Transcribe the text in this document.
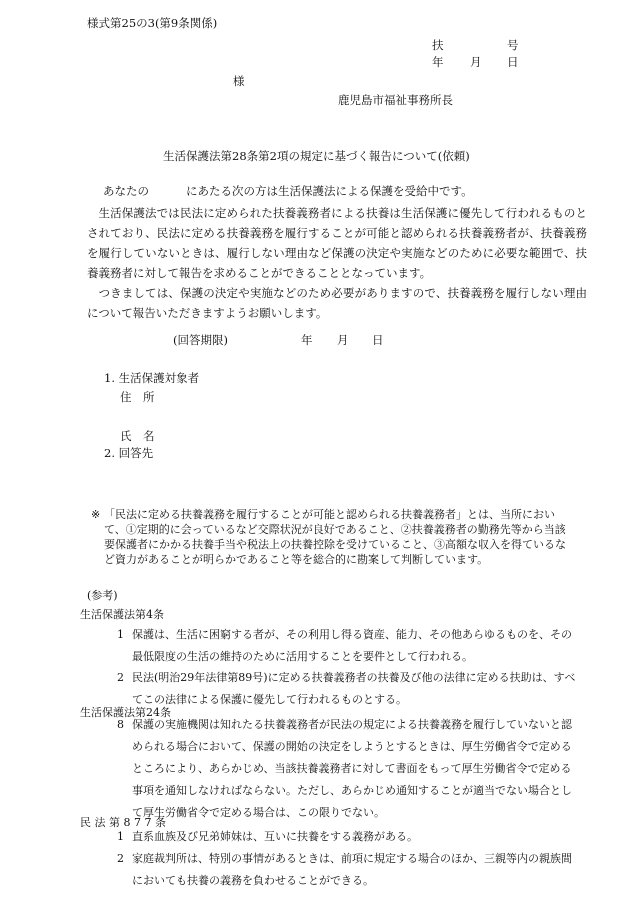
様式第25の3(第9条関係)
扶	号
年 月 日
様
鹿児島市福祉事務所長
生活保護法第28条第2項の規定に基づく報告について(依頼)
あなたの	にあたる次の方は生活保護法による保護を受給中です。
生活保護法では民法に定められた扶養義務者による扶養は生活保護に優先して行われるものとされており、民法に定める扶養義務を履行することが可能と認められる扶養義務者が、扶養義務を履行していないときは、履行しない理由など保護の決定や実施などのために必要な範囲で、扶養義務者に対して報告を求めることができることとなっています。
つきましては、保護の決定や実施などのため必要がありますので、扶養義務を履行しない理由について報告いただきますようお願いします。
(回答期限)	年 月 日
1. 生活保護対象者
住　所
氏　名
2. 回答先
※ 「民法に定める扶養義務を履行することが可能と認められる扶養義務者」とは、当所において、①定期的に会っているなど交際状況が良好であること、②扶養義務者の勤務先等から当該要保護者にかかる扶養手当や税法上の扶養控除を受けていること、③高額な収入を得ているなど資力があることが明らかであること等を総合的に勘案して判断しています。
(参考)
生活保護法第4条
1 保護は、生活に困窮する者が、その利用し得る資産、能力、その他あらゆるものを、その最低限度の生活の維持のために活用することを要件として行われる。
2 民法(明治29年法律第89号)に定める扶養義務者の扶養及び他の法律に定める扶助は、すべてこの法律による保護に優先して行われるものとする。
生活保護法第24条
8 保護の実施機関は知れたる扶養義務者が民法の規定による扶養義務を履行していないと認められる場合において、保護の開始の決定をしようとするときは、厚生労働省令で定めるところにより、あらかじめ、当該扶養義務者に対して書面をもって厚生労働省令で定める事項を通知しなければならない。ただし、あらかじめ通知することが適当でない場合として厚生労働省令で定める場合は、この限りでない。
民 法 第 8 7 7 条
1 直系血族及び兄弟姉妹は、互いに扶養をする義務がある。
2 家庭裁判所は、特別の事情があるときは、前項に規定する場合のほか、三親等内の親族間においても扶養の義務を負わせることができる。
